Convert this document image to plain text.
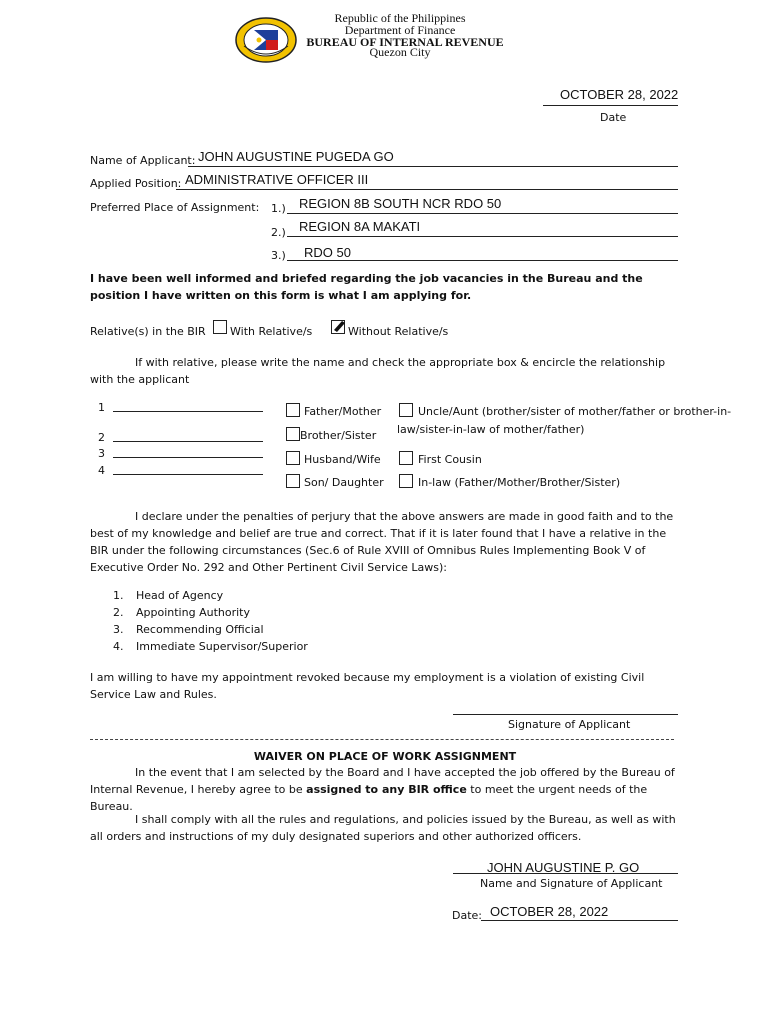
Republic of the Philippines
Department of Finance
BUREAU OF INTERNAL REVENUE
Quezon City
OCTOBER 28, 2022
Date
Name of Applicant: JOHN AUGUSTINE PUGEDA GO
Applied Position: ADMINISTRATIVE OFFICER III
Preferred Place of Assignment: 1.) REGION 8B SOUTH NCR RDO 50
2.) REGION 8A MAKATI
3.) RDO 50
I have been well informed and briefed regarding the job vacancies in the Bureau and the position I have written on this form is what I am applying for.
Relative(s) in the BIR With Relative/s	Without Relative/s
If with relative, please write the name and check the appropriate box & encircle the relationship with the applicant
1
2
3
4
Father/Mother
Brother/Sister
Husband/Wife
Son/ Daughter
Uncle/Aunt (brother/sister of mother/father or brother-in-
law/sister-in-law of mother/father)
First Cousin
In-law (Father/Mother/Brother/Sister)
I declare under the penalties of perjury that the above answers are made in good faith and to the best of my knowledge and belief are true and correct. That if it is later found that I have a relative in the BIR under the following circumstances (Sec.6 of Rule XVIII of Omnibus Rules Implementing Book V of Executive Order No. 292 and Other Pertinent Civil Service Laws):
1. Head of Agency
2. Appointing Authority
3. Recommending Official
4. Immediate Supervisor/Superior
I am willing to have my appointment revoked because my employment is a violation of existing Civil Service Law and Rules.
Signature of Applicant
WAIVER ON PLACE OF WORK ASSIGNMENT
In the event that I am selected by the Board and I have accepted the job offered by the Bureau of Internal Revenue, I hereby agree to be assigned to any BIR office to meet the urgent needs of the Bureau.
I shall comply with all the rules and regulations, and policies issued by the Bureau, as well as with all orders and instructions of my duly designated superiors and other authorized officers.
JOHN AUGUSTINE P. GO
Name and Signature of Applicant
Date: OCTOBER 28, 2022
